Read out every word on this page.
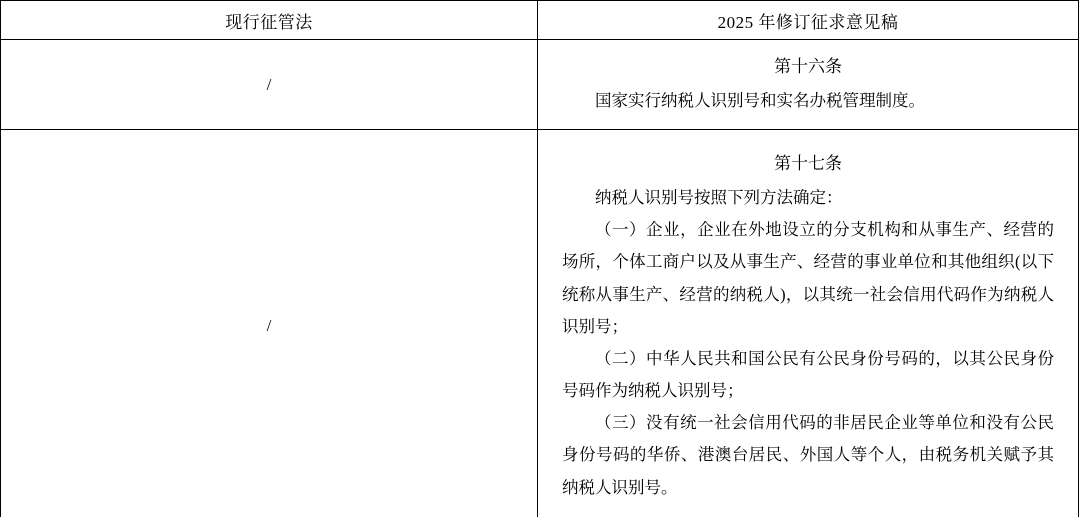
现行征管法	2025 年修订征求意见稿
/	第十六条
国家实行纳税人识别号和实名办税管理制度。

/	第十七条
纳税人识别号按照下列方法确定：
（一）企业，企业在外地设立的分支机构和从事生产、经营的场所，个体工商户以及从事生产、经营的事业单位和其他组织(以下统称从事生产、经营的纳税人)，以其统一社会信用代码作为纳税人识别号；
（二）中华人民共和国公民有公民身份号码的，以其公民身份号码作为纳税人识别号；
（三）没有统一社会信用代码的非居民企业等单位和没有公民身份号码的华侨、港澳台居民、外国人等个人，由税务机关赋予其纳税人识别号。
